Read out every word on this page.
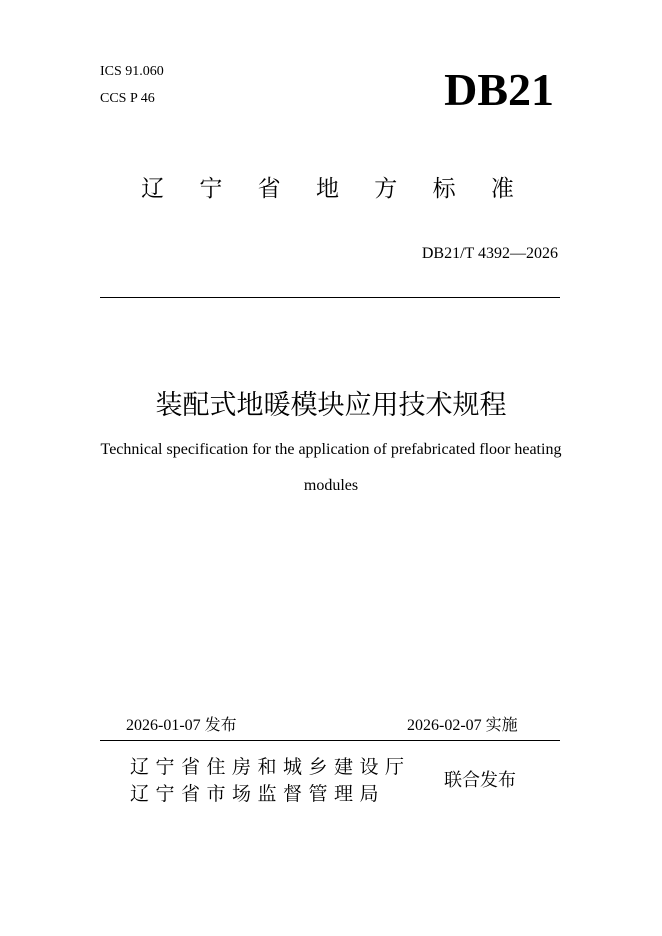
ICS 91.060
CCS P 46	DB21
辽 宁 省 地 方 标 准
DB21/T 4392—2026
装配式地暖模块应用技术规程
Technical specification for the application of prefabricated floor heating modules
2026-01-07 发布	2026-02-07 实施
辽宁省住房和城乡建设厅
辽宁省市场监督管理局
联合发布
